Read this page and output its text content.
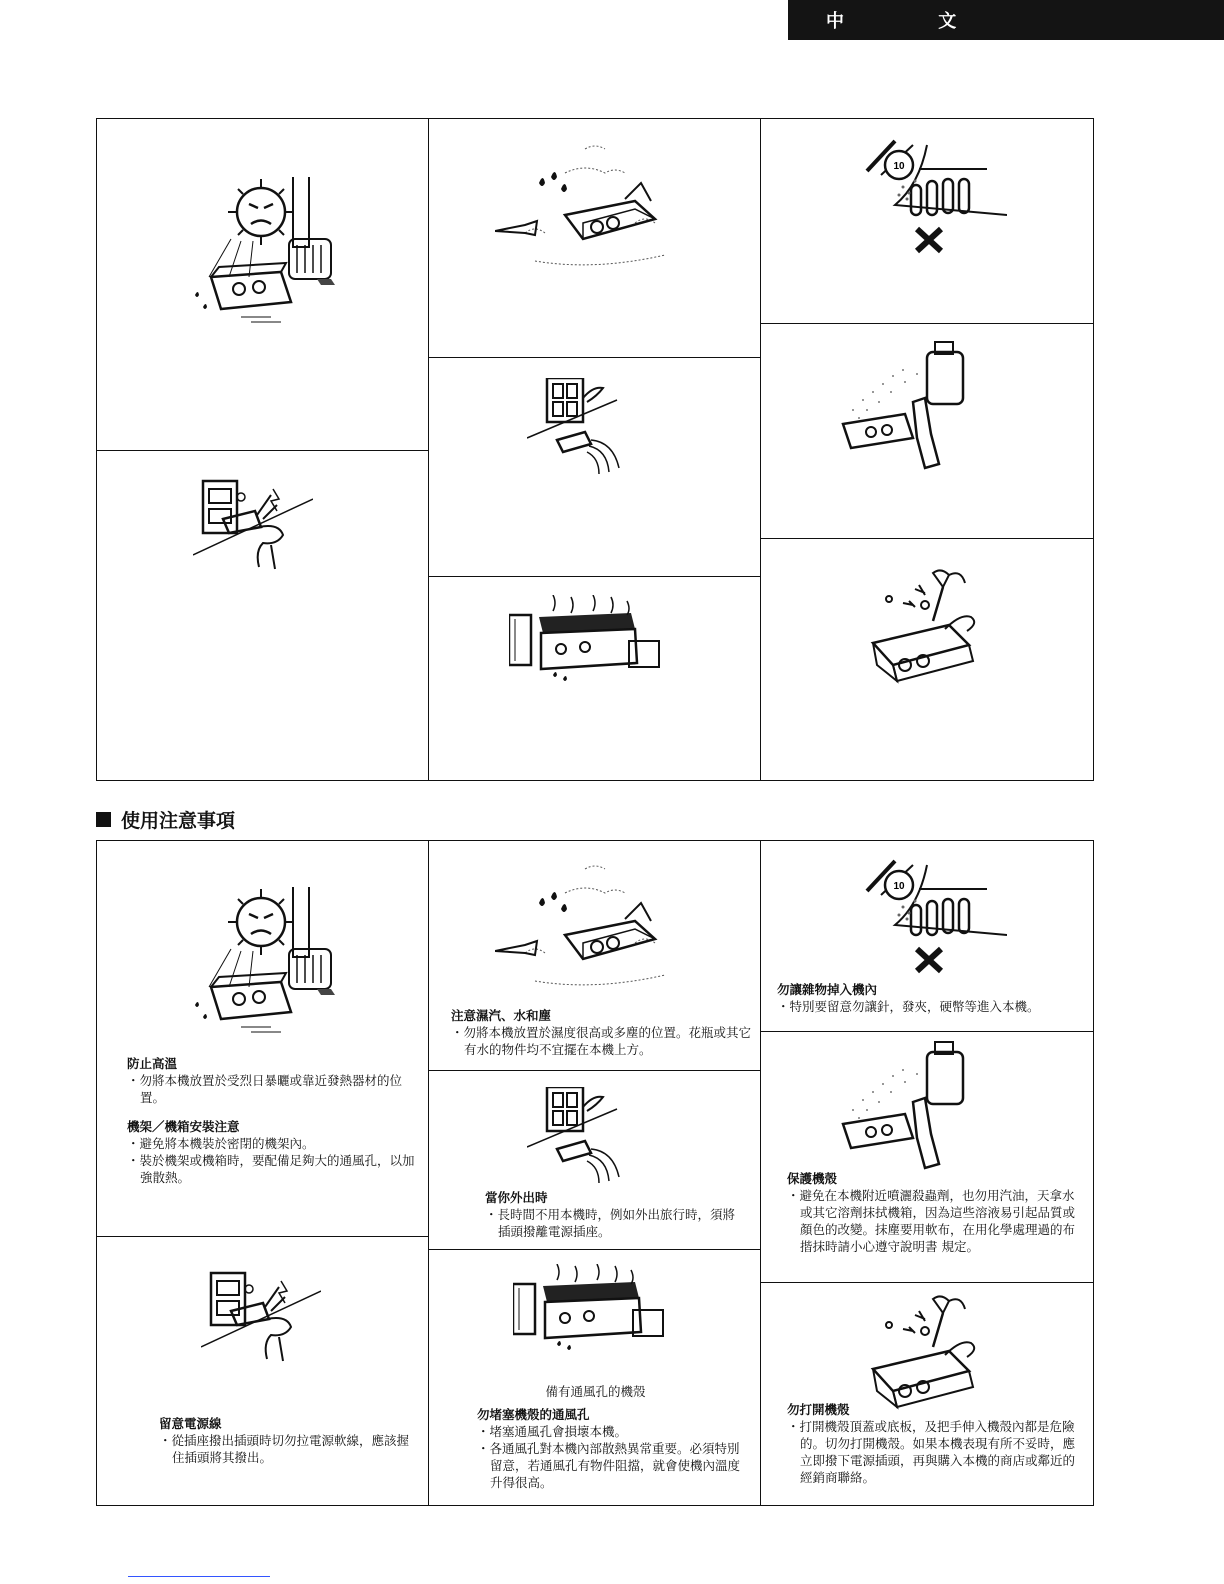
中 文
10
使用注意事項
防止高溫
・ 勿將本機放置於受烈日暴曬或靠近發熱器材的位置。
機架／機箱安裝注意
・ 避免將本機裝於密閉的機架內。
・ 裝於機架或機箱時，要配備足夠大的通風孔，以加強散熱。
留意電源線
・ 從插座撥出插頭時切勿拉電源軟線，應該握住插頭將其撥出。
注意濕汽、水和塵
・ 勿將本機放置於濕度很高或多塵的位置。花瓶或其它有水的物件均不宜擺在本機上方。
當你外出時
・ 長時間不用本機時，例如外出旅行時，須將插頭撥離電源插座。
備有通風孔的機殼
勿堵塞機殼的通風孔
・ 堵塞通風孔會損壞本機。
・ 各通風孔對本機內部散熱異常重要。必須特別留意，若通風孔有物件阻擋，就會使機內溫度升得很高。
10
勿讓雜物掉入機內
・ 特別要留意勿讓針，發夾，硬幣等進入本機。
保護機殼
・ 避免在本機附近噴灑殺蟲劑，也勿用汽油，天拿水或其它溶劑抹拭機箱，因為這些溶液易引起品質或顏色的改變。抹塵要用軟布，在用化學處理過的布揩抹時請小心遵守說明書 規定。
勿打開機殼
・ 打開機殼頂蓋或底板，及把手伸入機殼內都是危險的。切勿打開機殼。如果本機表現有所不妥時，應立即撥下電源插頭，再與購入本機的商店或鄰近的經銷商聯絡。
